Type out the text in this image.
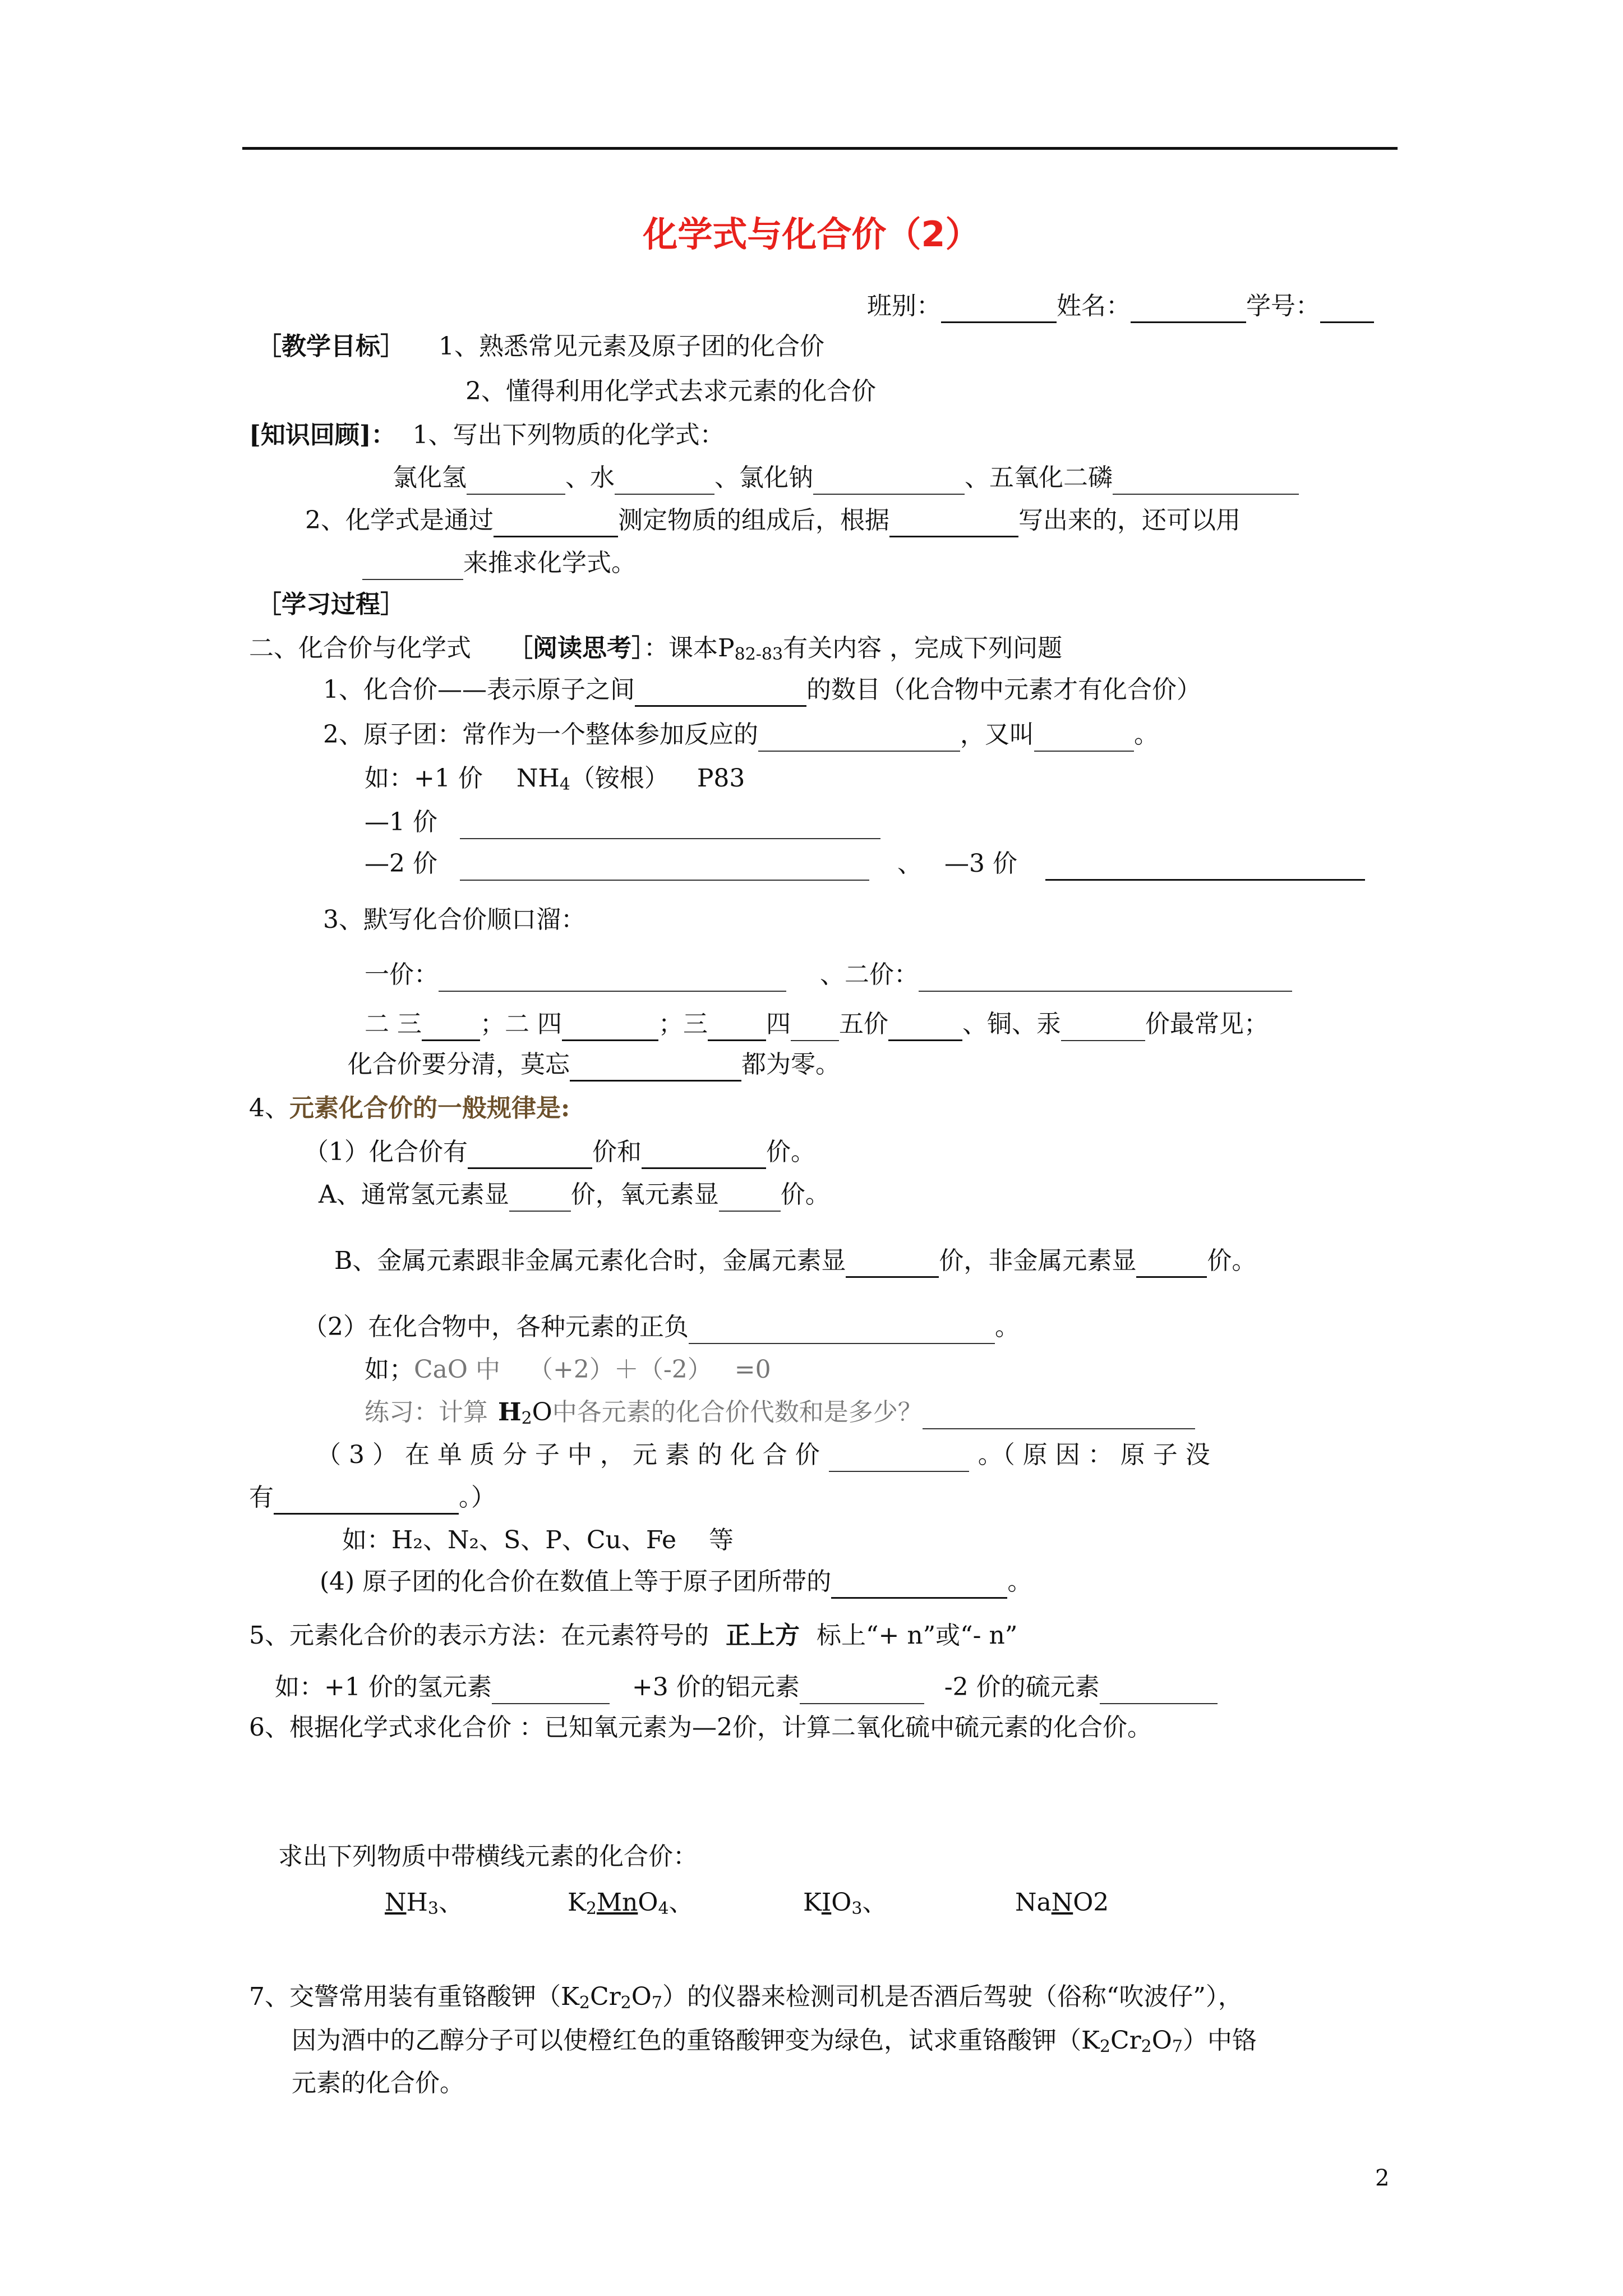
化学式与化合价（2）
班别：	姓名：	学号：
［教学目标］ 1、熟悉常见元素及原子团的化合价
2、懂得利用化学式去求元素的化合价
[知识回顾]： 1、写出下列物质的化学式：
氯化氢	、水	、氯化钠	、五氧化二磷
2、化学式是通过	测定物质的组成后，根据	写出来的，还可以用
来推求化学式。
［学习过程］
二、化合价与化学式 ［阅读思考］：课本$P_{82-83}$有关内容 ，完成下列问题
1、化合价——表示原子之间	的数目（化合物中元素才有化合价）
2、原子团：常作为一个整体参加反应的	，又叫	。
如：+1 价 $NH_4$（铵根） P83
—1 价
—2 价	、 —3 价
3、默写化合价顺口溜：
一价：	、二价：
二 三 ；二 四	；三 四 五价	、铜、汞	价最常见；
化合价要分清，莫忘	都为零。
4、元素化合价的一般规律是:
（1）化合价有	价和	价。
A、通常氢元素显	价，氧元素显	价。
B、金属元素跟非金属元素化合时，金属元素显	价，非金属元素显	价。
（2）在化合物中，各种元素的正负	。
如；CaO 中 （+2）＋（-2） =0
练习：计算 $H_2O$中各元素的化合价代数和是多少？
（ 3 ） 在 单 质 分 子 中 ， 元 素 的 化 合 价	。（ 原 因 ： 原 子 没
有	。）
如：H₂、N₂、S、P、Cu、Fe　 等
(4) 原子团的化合价在数值上等于原子团所带的	。
5、元素化合价的表示方法：在元素符号的 正上方 标上“+ n”或“- n”
如：+1 价的氢元素	+3 价的铝元素	-2 价的硫元素
6、根据化学式求化合价 ：已知氧元素为—2价，计算二氧化硫中硫元素的化合价。
求出下列物质中带横线元素的化合价：
$NH_3$、	$K_2MnO_4$、	$KIO_3$、	NaNO2
7、交警常用装有重铬酸钾$(K_2Cr_2O_7)$的仪器来检测司机是否酒后驾驶（俗称“吹波仔”），
因为酒中的乙醇分子可以使橙红色的重铬酸钾变为绿色，试求重铬酸钾$(K_2Cr_2O_7)$中铬
元素的化合价。
2
